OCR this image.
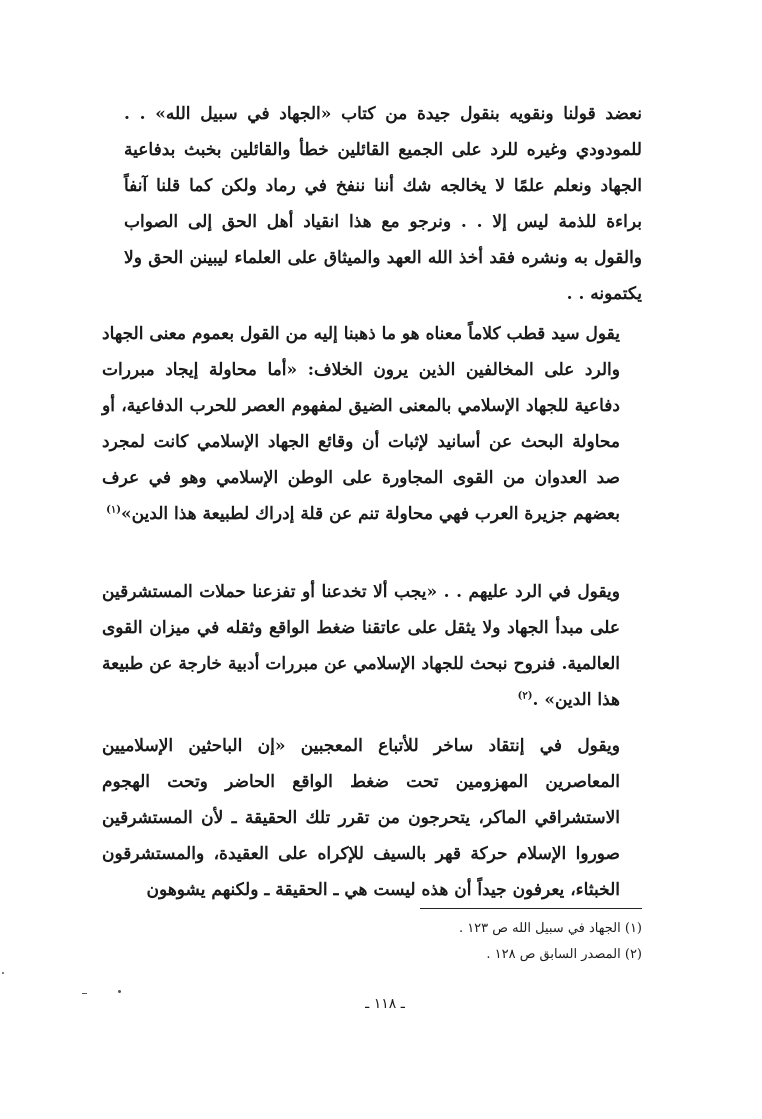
نعضد قولنا ونقويه بنقول جيدة من كتاب «الجهاد في سبيل الله» . . للمودودي وغيره للرد على الجميع القائلين خطأ والقائلين بخبث بدفاعية الجهاد ونعلم علمًا لا يخالجه شك أننا ننفخ في رماد ولكن كما قلنا آنفاً براءة للذمة ليس إلا . . ونرجو مع هذا انقياد أهل الحق إلى الصواب والقول به ونشره فقد أخذ الله العهد والميثاق على العلماء ليبينن الحق ولا يكتمونه . .

يقول سيد قطب كلاماً معناه هو ما ذهبنا إليه من القول بعموم معنى الجهاد والرد على المخالفين الذين يرون الخلاف: «أما محاولة إيجاد مبررات دفاعية للجهاد الإسلامي بالمعنى الضيق لمفهوم العصر للحرب الدفاعية، أو محاولة البحث عن أسانيد لإثبات أن وقائع الجهاد الإسلامي كانت لمجرد صد العدوان من القوى المجاورة على الوطن الإسلامي وهو في عرف بعضهم جزيرة العرب فهي محاولة تنم عن قلة إدراك لطبيعة هذا الدين»$^{(١)}$

ويقول في الرد عليهم . . «يجب ألا تخدعنا أو تفزعنا حملات المستشرقين على مبدأ الجهاد ولا يثقل على عاتقنا ضغط الواقع وثقله في ميزان القوى العالمية. فنروح نبحث للجهاد الإسلامي عن مبررات أدبية خارجة عن طبيعة هذا الدين» .$^{(٢)}$

ويقول في إنتقاد ساخر للأتباع المعجبين «إن الباحثين الإسلاميين المعاصرين المهزومين تحت ضغط الواقع الحاضر وتحت الهجوم الاستشراقي الماكر، يتحرجون من تقرر تلك الحقيقة ـ لأن المستشرقين صوروا الإسلام حركة قهر بالسيف للإكراه على العقيدة، والمستشرقون الخبثاء، يعرفون جيداً أن هذه ليست هي ـ الحقيقة ـ ولكنهم يشوهون

(١) الجهاد في سبيل الله ص ١٢٣ .

(٢) المصدر السابق ص ١٢٨ .

ـ ١١٨ ـ
